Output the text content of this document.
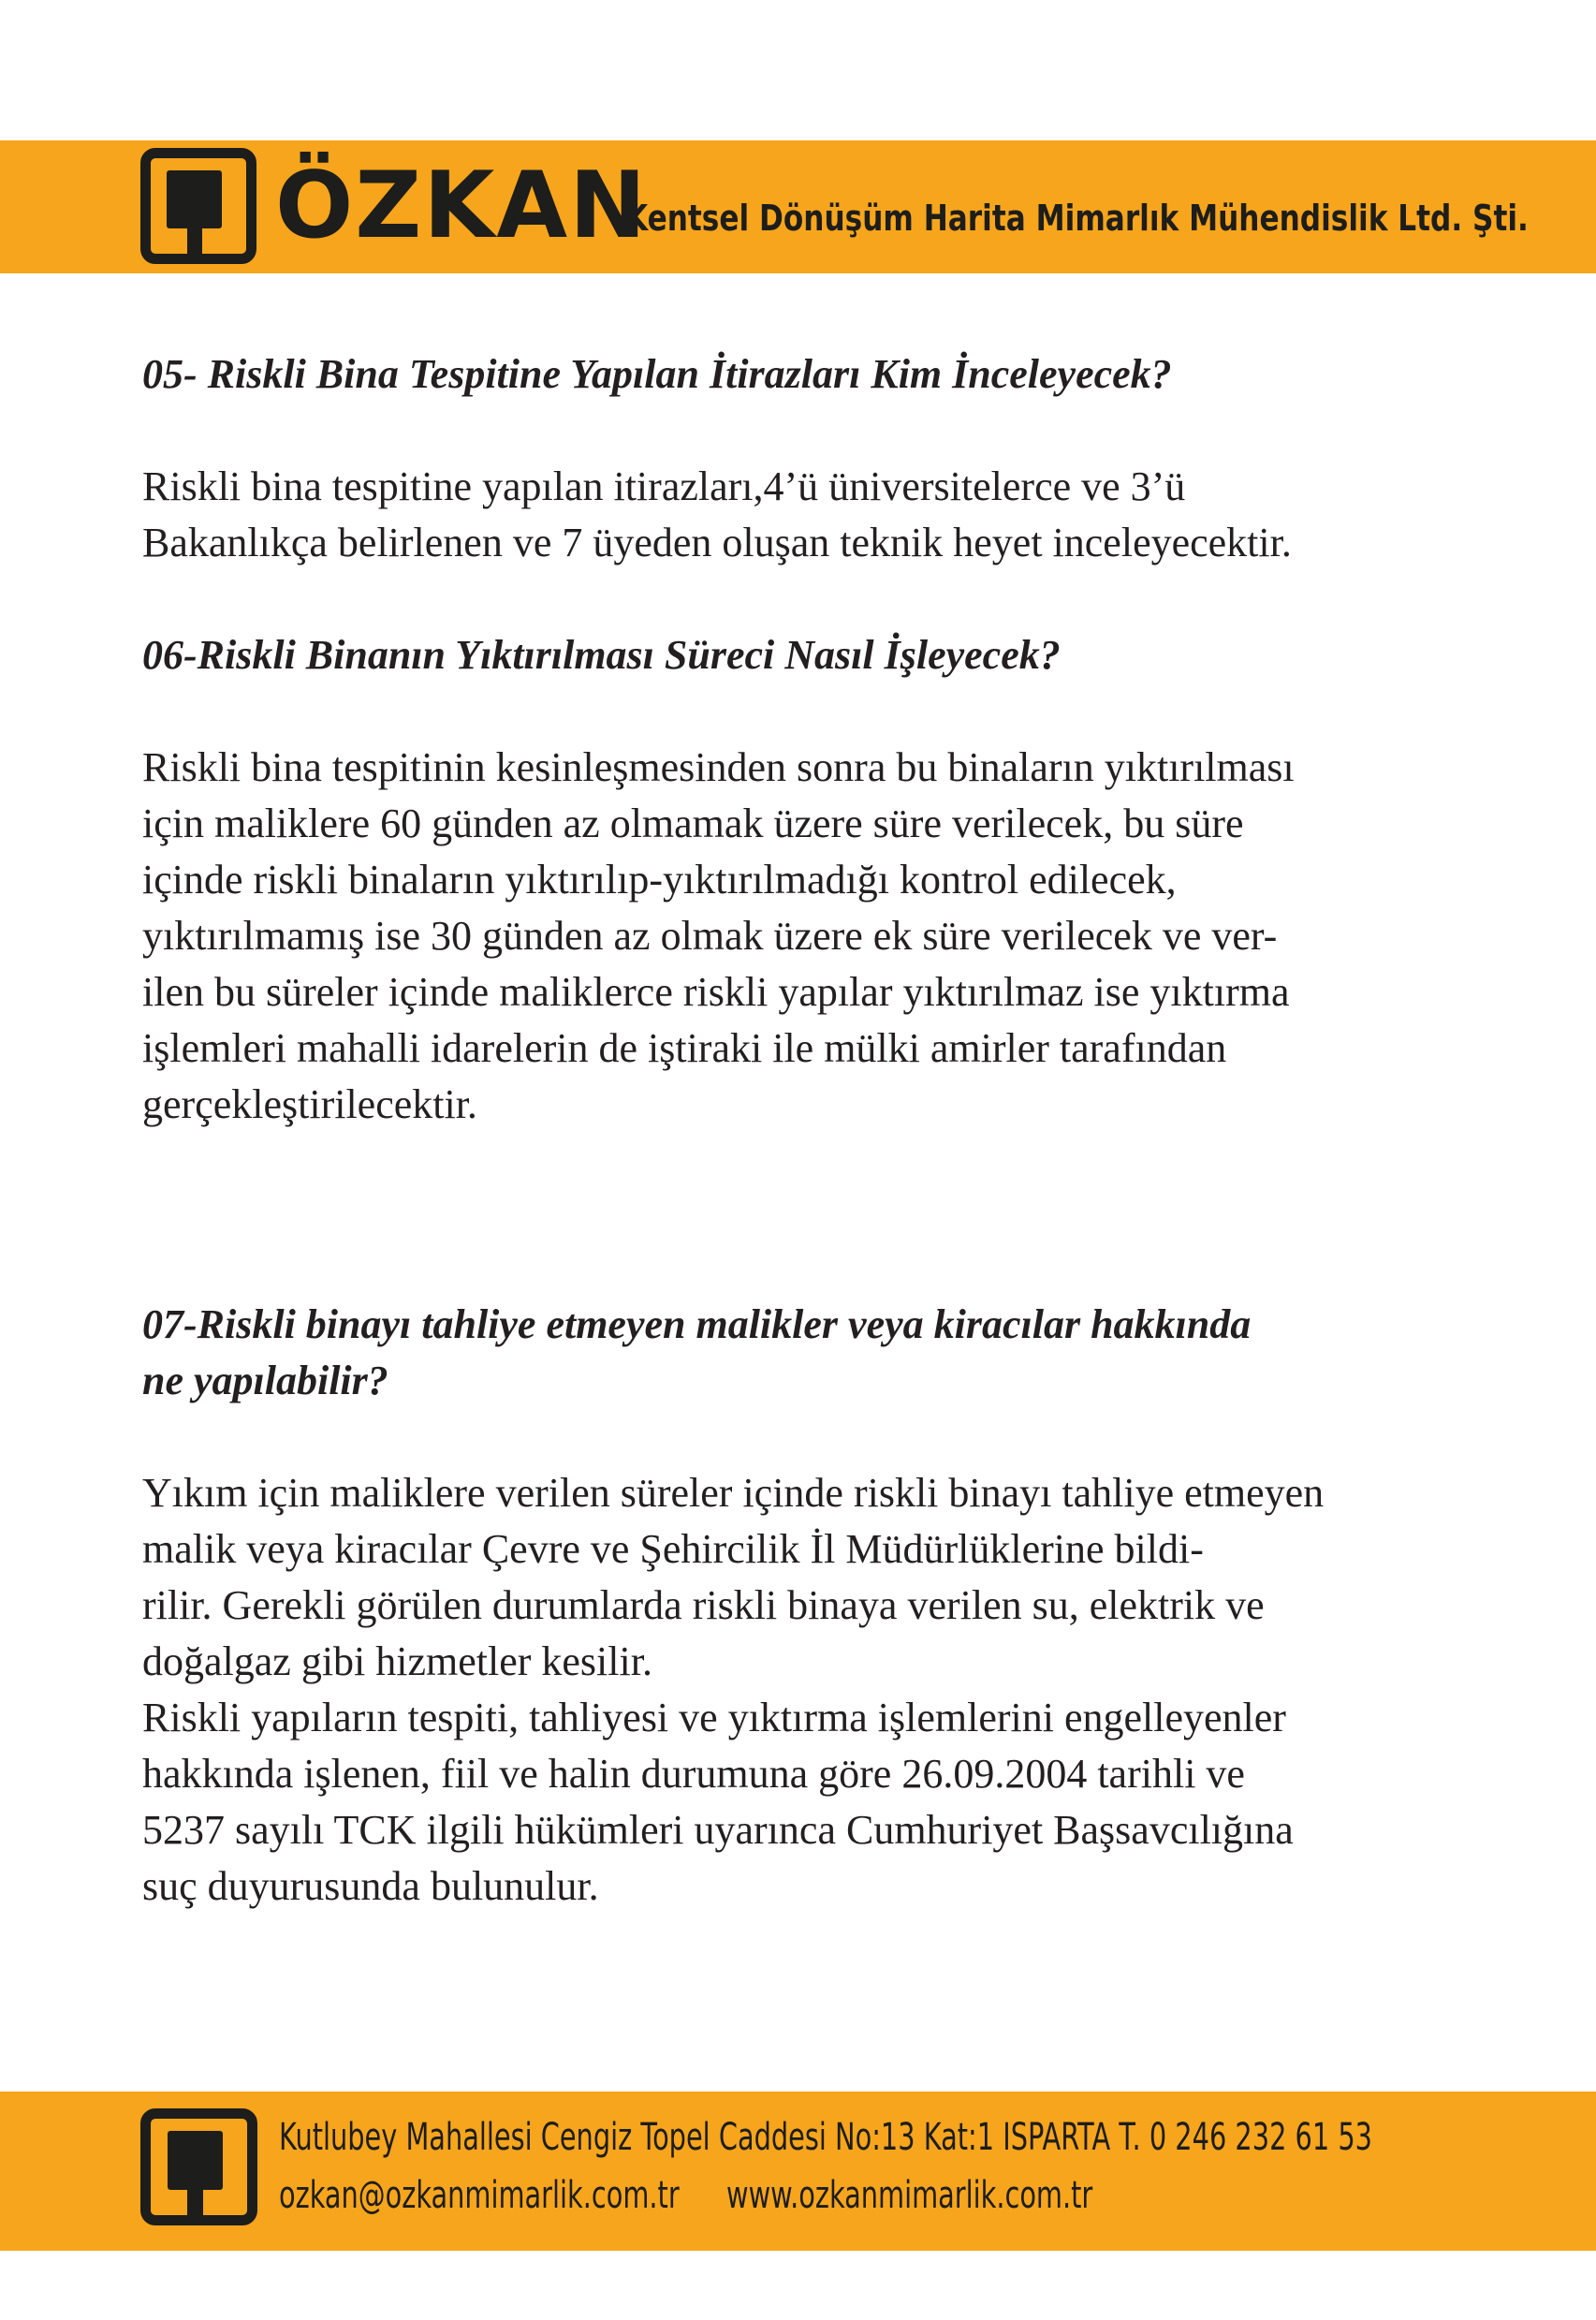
ÖZKAN
Kentsel Dönüşüm Harita Mimarlık Mühendislik Ltd. Şti.

05- Riskli Bina Tespitine Yapılan İtirazları Kim İnceleyecek?

Riskli bina tespitine yapılan itirazları,4’ü üniversitelerce ve 3’ü
Bakanlıkça belirlenen ve 7 üyeden oluşan teknik heyet inceleyecektir.

06-Riskli Binanın Yıktırılması Süreci Nasıl İşleyecek?

Riskli bina tespitinin kesinleşmesinden sonra bu binaların yıktırılması
için maliklere 60 günden az olmamak üzere süre verilecek, bu süre
içinde riskli binaların yıktırılıp-yıktırılmadığı kontrol edilecek,
yıktırılmamış ise 30 günden az olmak üzere ek süre verilecek ve ver-
ilen bu süreler içinde maliklerce riskli yapılar yıktırılmaz ise yıktırma
işlemleri mahalli idarelerin de iştiraki ile mülki amirler tarafından
gerçekleştirilecektir.

07-Riskli binayı tahliye etmeyen malikler veya kiracılar hakkında
ne yapılabilir?

Yıkım için maliklere verilen süreler içinde riskli binayı tahliye etmeyen
malik veya kiracılar Çevre ve Şehircilik İl Müdürlüklerine bildi-
rilir. Gerekli görülen durumlarda riskli binaya verilen su, elektrik ve
doğalgaz gibi hizmetler kesilir.
Riskli yapıların tespiti, tahliyesi ve yıktırma işlemlerini engelleyenler
hakkında işlenen, fiil ve halin durumuna göre 26.09.2004 tarihli ve
5237 sayılı TCK ilgili hükümleri uyarınca Cumhuriyet Başsavcılığına
suç duyurusunda bulunulur.

Kutlubey Mahallesi Cengiz Topel Caddesi No:13 Kat:1 ISPARTA T. 0 246 232 61 53
ozkan@ozkanmimarlik.com.tr www.ozkanmimarlik.com.tr
